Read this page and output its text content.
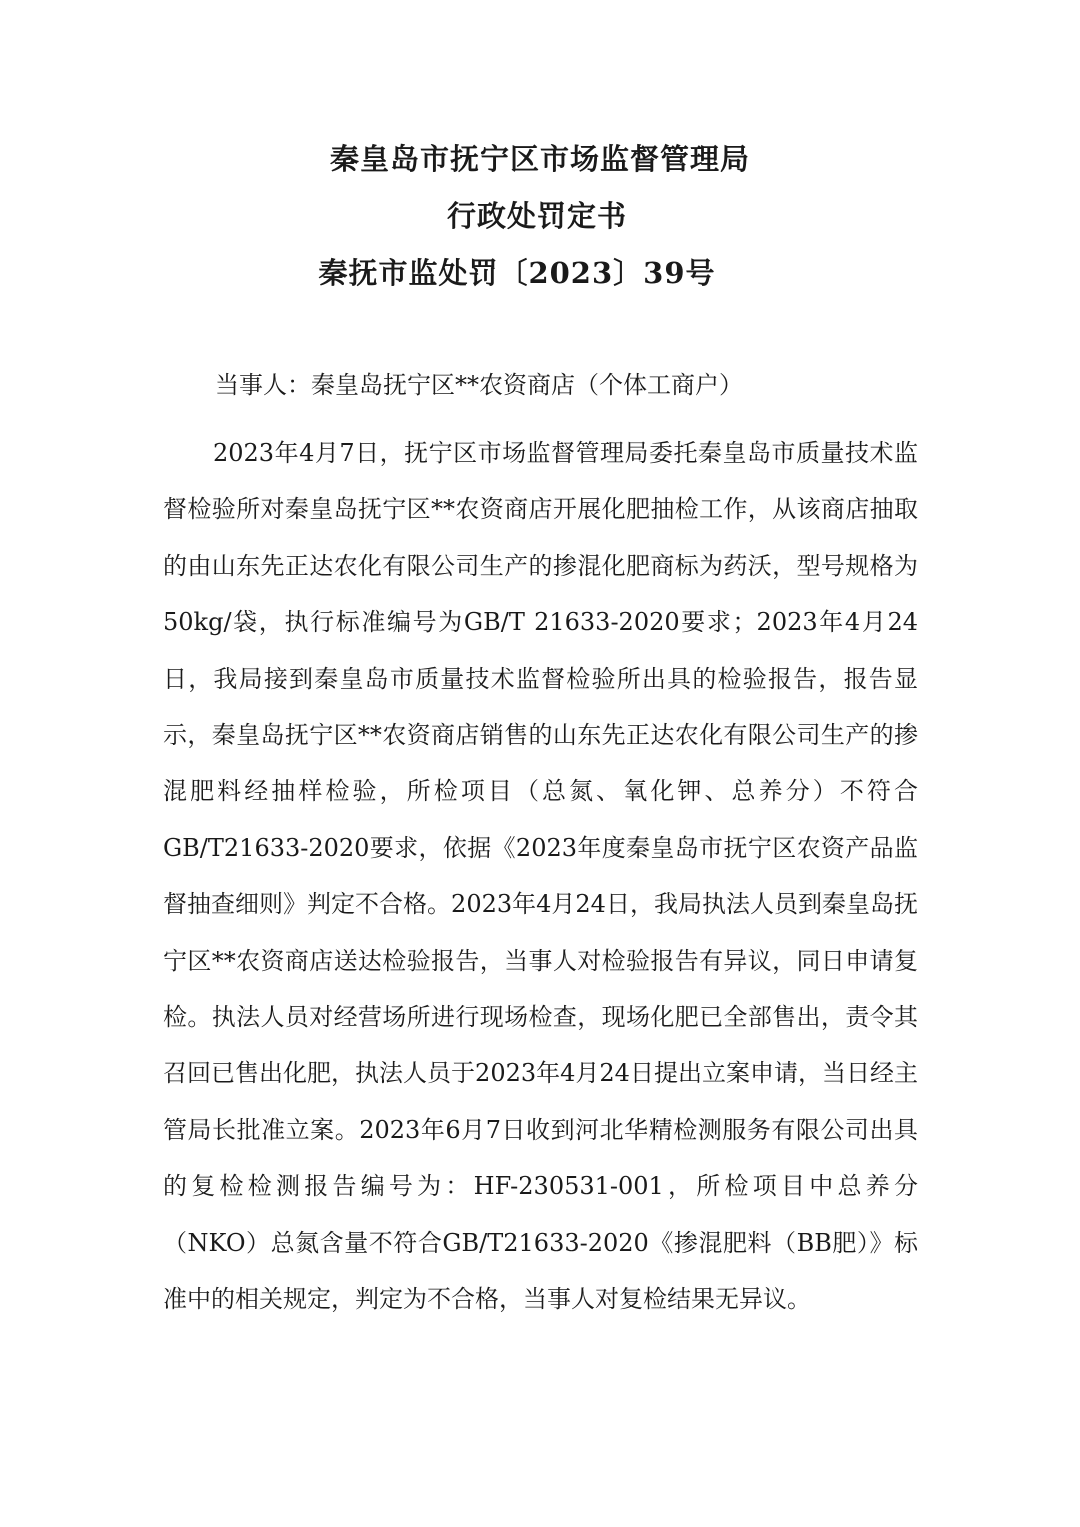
秦皇岛市抚宁区市场监督管理局
行政处罚定书
秦抚市监处罚〔2023〕39号
当事人：秦皇岛抚宁区**农资商店（个体工商户）

2023年4月7日，抚宁区市场监督管理局委托秦皇岛市质量技术监督检验所对秦皇岛抚宁区**农资商店开展化肥抽检工作，从该商店抽取的由山东先正达农化有限公司生产的掺混化肥商标为药沃，型号规格为50kg/袋，执行标准编号为GB/T 21633-2020要求；2023年4月24日，我局接到秦皇岛市质量技术监督检验所出具的检验报告，报告显示，秦皇岛抚宁区**农资商店销售的山东先正达农化有限公司生产的掺混肥料经抽样检验，所检项目（总氮、氧化钾、总养分）不符合GB/T21633-2020要求，依据《2023年度秦皇岛市抚宁区农资产品监督抽查细则》判定不合格。2023年4月24日，我局执法人员到秦皇岛抚宁区**农资商店送达检验报告，当事人对检验报告有异议，同日申请复检。执法人员对经营场所进行现场检查，现场化肥已全部售出，责令其召回已售出化肥，执法人员于2023年4月24日提出立案申请，当日经主管局长批准立案。2023年6月7日收到河北华精检测服务有限公司出具的复检检测报告编号为：HF-230531-001，所检项目中总养分（NKO）总氮含量不符合GB/T21633-2020《掺混肥料（BB肥）》标准中的相关规定，判定为不合格，当事人对复检结果无异议。
